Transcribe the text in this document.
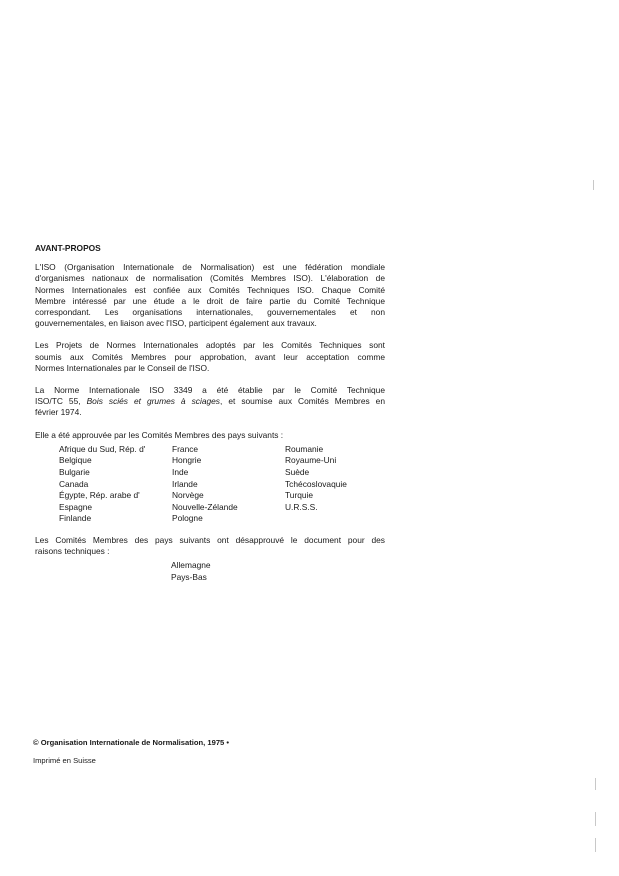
AVANT-PROPOS
L'ISO (Organisation Internationale de Normalisation) est une fédération mondiale
d'organismes nationaux de normalisation (Comités Membres ISO). L'élaboration de
Normes Internationales est confiée aux Comités Techniques ISO. Chaque Comité
Membre intéressé par une étude a le droit de faire partie du Comité Technique
correspondant. Les organisations internationales, gouvernementales et non
gouvernementales, en liaison avec l'ISO, participent également aux travaux.
Les Projets de Normes Internationales adoptés par les Comités Techniques sont
soumis aux Comités Membres pour approbation, avant leur acceptation comme
Normes Internationales par le Conseil de l'ISO.
La Norme Internationale ISO 3349 a été établie par le Comité Technique
ISO/TC 55, Bois sciés et grumes à sciages, et soumise aux Comités Membres en
février 1974.
Elle a été approuvée par les Comités Membres des pays suivants :
Afrique du Sud, Rép. d'	France	Roumanie
Belgique	Hongrie	Royaume-Uni
Bulgarie	Inde	Suède
Canada	Irlande	Tchécoslovaquie
Égypte, Rép. arabe d'	Norvège	Turquie
Espagne	Nouvelle-Zélande	U.R.S.S.
Finlande	Pologne
Les Comités Membres des pays suivants ont désapprouvé le document pour des
raisons techniques :
Allemagne
Pays-Bas
© Organisation Internationale de Normalisation, 1975 •
Imprimé en Suisse
